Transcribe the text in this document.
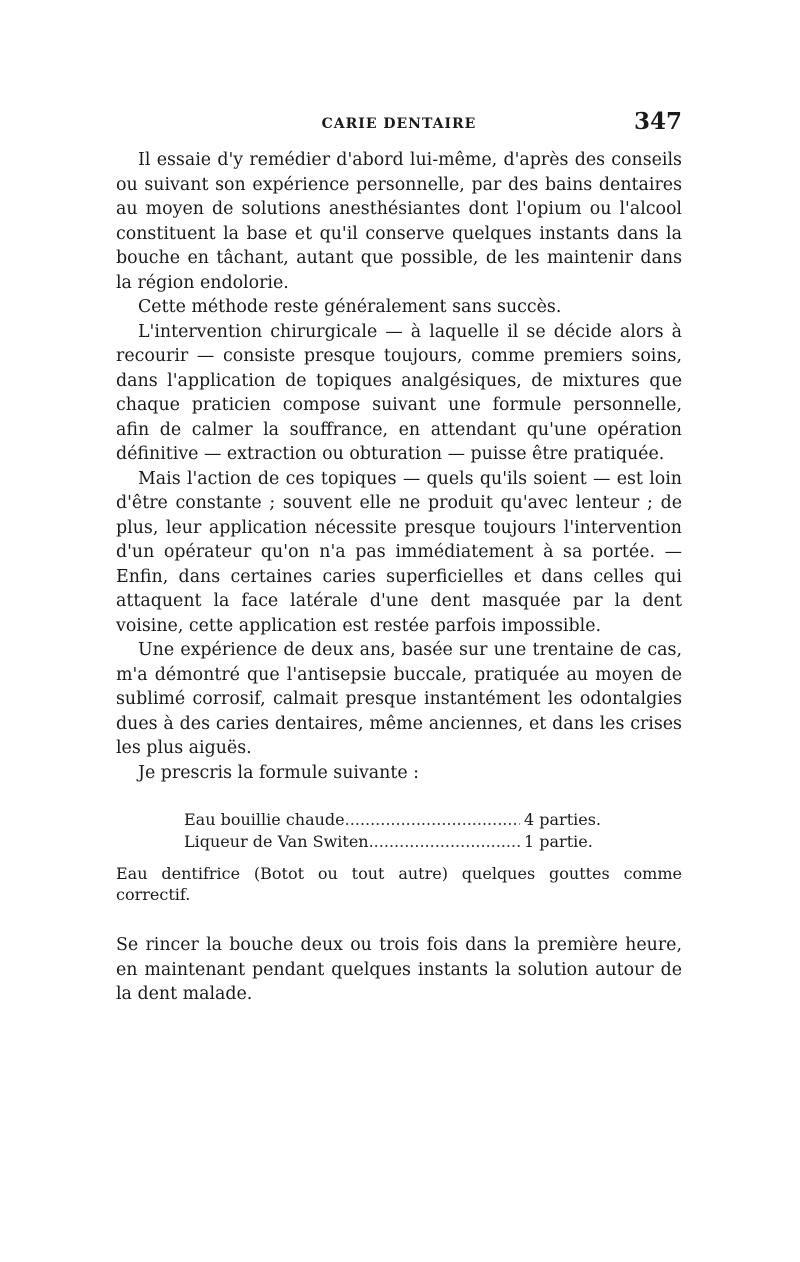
CARIE DENTAIRE	347

Il essaie d'y remédier d'abord lui-même, d'après des conseils ou suivant son expérience personnelle, par des bains dentaires au moyen de solutions anesthésiantes dont l'opium ou l'alcool constituent la base et qu'il conserve quelques instants dans la bouche en tâchant, autant que possible, de les maintenir dans la région endolorie.

Cette méthode reste généralement sans succès.

L'intervention chirurgicale — à laquelle il se décide alors à recourir — consiste presque toujours, comme premiers soins, dans l'application de topiques analgésiques, de mixtures que chaque praticien compose suivant une formule personnelle, afin de calmer la souffrance, en attendant qu'une opération définitive — extraction ou obturation — puisse être pratiquée.

Mais l'action de ces topiques — quels qu'ils soient — est loin d'être constante ; souvent elle ne produit qu'avec lenteur ; de plus, leur application nécessite presque toujours l'intervention d'un opérateur qu'on n'a pas immédiatement à sa portée. — Enfin, dans certaines caries superficielles et dans celles qui attaquent la face latérale d'une dent masquée par la dent voisine, cette application est restée parfois impossible.

Une expérience de deux ans, basée sur une trentaine de cas, m'a démontré que l'antisepsie buccale, pratiquée au moyen de sublimé corrosif, calmait presque instantément les odontalgies dues à des caries dentaires, même anciennes, et dans les crises les plus aiguës.

Je prescris la formule suivante :

Eau bouillie chaude .....	4 parties.
Liqueur de Van Switen .....	1 partie.

Eau dentifrice (Botot ou tout autre) quelques gouttes comme correctif.

Se rincer la bouche deux ou trois fois dans la première heure, en maintenant pendant quelques instants la solution autour de la dent malade.
